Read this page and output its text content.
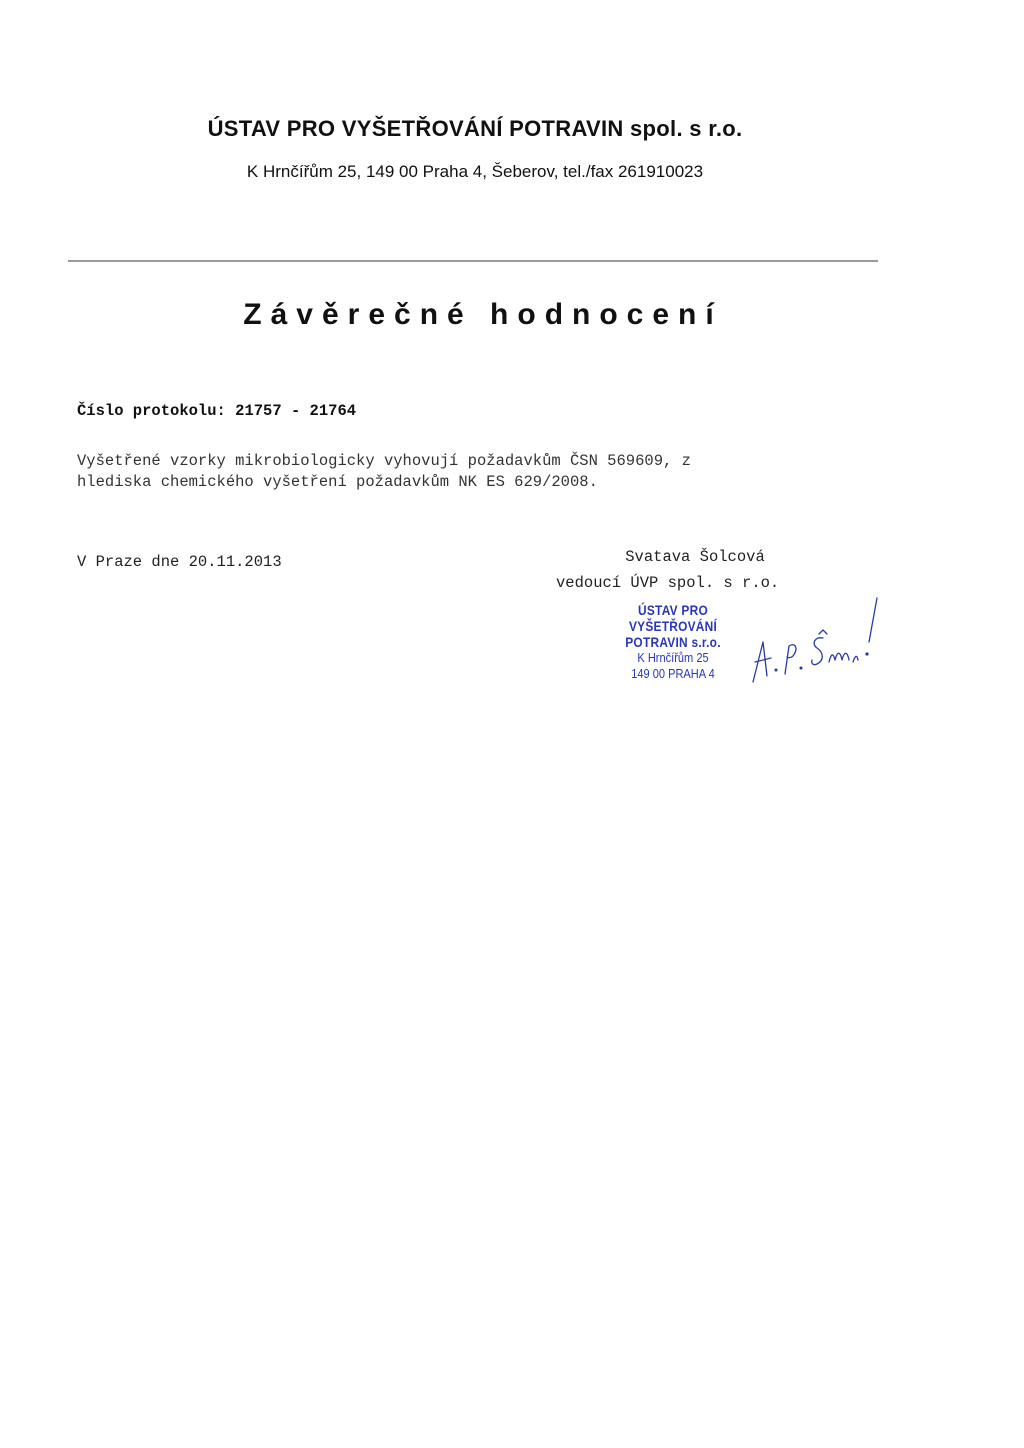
ÚSTAV PRO VYŠETŘOVÁNÍ POTRAVIN spol. s r.o.
K Hrnčířům 25, 149 00 Praha 4, Šeberov, tel./fax 261910023
Závěrečné hodnocení
Číslo protokolu: 21757 - 21764

Vyšetřené vzorky mikrobiologicky vyhovují požadavkům ČSN 569609, z

hlediska chemického vyšetření požadavkům NK ES 629/2008.

V Praze dne 20.11.2013	Svatava Šolcová
vedoucí ÚVP spol. s r.o.
ÚSTAV PRO VYŠETŘOVÁNÍ
POTRAVIN s.r.o.
K Hrnčířům 25
149 00 PRAHA 4
